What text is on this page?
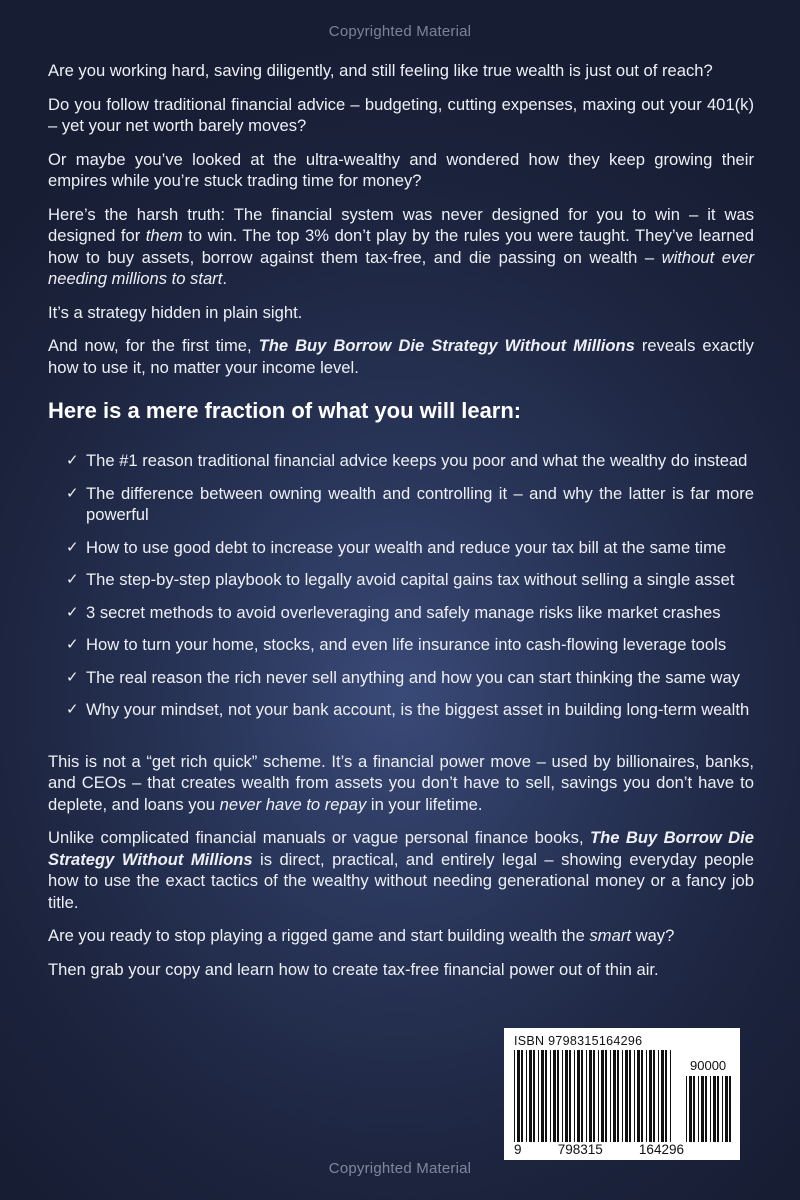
Copyrighted Material

Are you working hard, saving diligently, and still feeling like true wealth is just out of reach?

Do you follow traditional financial advice – budgeting, cutting expenses, maxing out your 401(k) – yet your net worth barely moves?

Or maybe you’ve looked at the ultra-wealthy and wondered how they keep growing their empires while you’re stuck trading time for money?

Here’s the harsh truth: The financial system was never designed for you to win – it was designed for them to win. The top 3% don’t play by the rules you were taught. They’ve learned how to buy assets, borrow against them tax-free, and die passing on wealth – without ever needing millions to start.

It’s a strategy hidden in plain sight.

And now, for the first time, The Buy Borrow Die Strategy Without Millions reveals exactly how to use it, no matter your income level.

Here is a mere fraction of what you will learn:
✓ The #1 reason traditional financial advice keeps you poor and what the wealthy do instead
✓ The difference between owning wealth and controlling it – and why the latter is far more powerful
✓ How to use good debt to increase your wealth and reduce your tax bill at the same time
✓ The step-by-step playbook to legally avoid capital gains tax without selling a single asset
✓ 3 secret methods to avoid overleveraging and safely manage risks like market crashes
✓ How to turn your home, stocks, and even life insurance into cash-flowing leverage tools
✓ The real reason the rich never sell anything and how you can start thinking the same way
✓ Why your mindset, not your bank account, is the biggest asset in building long-term wealth

This is not a “get rich quick” scheme. It’s a financial power move – used by billionaires, banks, and CEOs – that creates wealth from assets you don’t have to sell, savings you don’t have to deplete, and loans you never have to repay in your lifetime.

Unlike complicated financial manuals or vague personal finance books, The Buy Borrow Die Strategy Without Millions is direct, practical, and entirely legal – showing everyday people how to use the exact tactics of the wealthy without needing generational money or a fancy job title.

Are you ready to stop playing a rigged game and start building wealth the smart way?

Then grab your copy and learn how to create tax-free financial power out of thin air.

ISBN 9798315164296
90000
9	798315	164296
Copyrighted Material
